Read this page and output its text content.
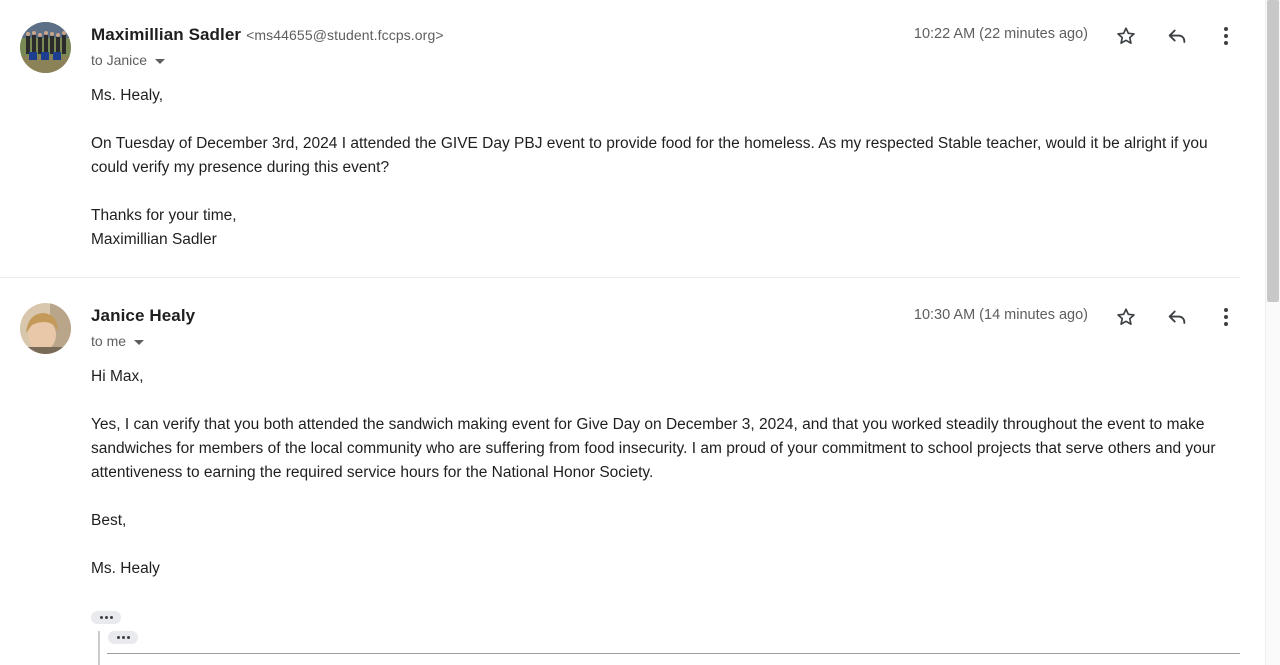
Maximillian Sadler <ms44655@student.fccps.org>
to Janice
10:22 AM (22 minutes ago)

Ms. Healy,

On Tuesday of December 3rd, 2024 I attended the GIVE Day PBJ event to provide food for the homeless. As my respected Stable teacher, would it be alright if you could verify my presence during this event?

Thanks for your time,

Maximillian Sadler

Janice Healy
to me
10:30 AM (14 minutes ago)

Hi Max,

Yes, I can verify that you both attended the sandwich making event for Give Day on December 3, 2024, and that you worked steadily throughout the event to make sandwiches for members of the local community who are suffering from food insecurity. I am proud of your commitment to school projects that serve others and your attentiveness to earning the required service hours for the National Honor Society.

Best,

Ms. Healy
